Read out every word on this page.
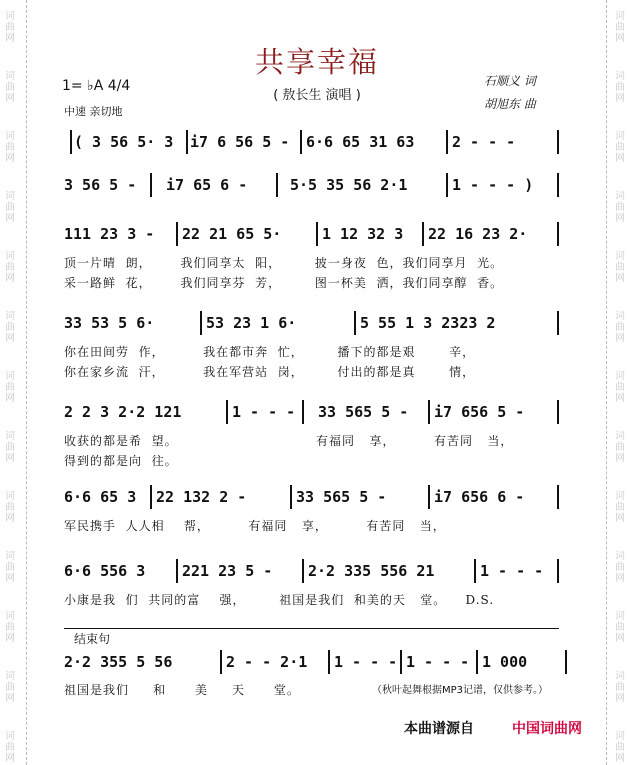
词
曲
网
词
曲
网
词
曲
网
词
曲
网
词
曲
网
词
曲
网
词
曲
网
词
曲
网
词
曲
网
词
曲
网
词
曲
网
词
曲
网
词
曲
网
词
曲
网
词
曲
网
词
曲
网
词
曲
网
词
曲
网
词
曲
网
词
曲
网
词
曲
网
词
曲
网
词
曲
网
词
曲
网
词
曲
网
词
曲
网
共享幸福
( 敖长生 演唱 )
1= ♭A 4/4
中速 亲切地
石顺义 词
胡旭东 曲
( 3 56 5· 3 i7 6 56 5 - 6·6 65 31 63	2 - - -
3 56 5 - i7 65 6 -	5·5 35 56 2·1	1 - - - )
111 23 3 - 22 21 65 5·	1 12 32 3 22 16 23 2·
顶一片晴  朗，      我们同享太  阳，       披一身夜  色，我们同享月  光。
采一路鲜  花，      我们同享芬  芳，       图一杯美  洒，我们同享醇  香。
33 53 5 6·	53 23 1 6·	5 55 1 3 2323 2
你在田间劳  作，        我在都市奔  忙，       播下的都是艰       辛，
你在家乡流  汗，        我在军营站  岗，       付出的都是真       情，
2 2 3 2·2 121	1 - - - 33 565 5 - i7 656 5 -
收获的都是希  望。
得到的都是向  往。
有福同   享，        有苦同   当，
6·6 65 3 22 132 2 -	33 565 5 -	i7 656 6 -
军民携手  人人相    帮，        有福同   享，        有苦同   当，
6·6 556 3 221 23 5 - 2·2 335 556 21	1 - - -
小康是我  们  共同的富    强，       祖国是我们  和美的天   堂。    D.S.
结束句
2·2 355 5 56	2 - - 2·1 1 - - - 1 - - - 1 000
祖国是我们     和      美     天      堂。	（秋叶起舞根据MP3记谱，仅供参考。）
本曲谱源自	中国词曲网
